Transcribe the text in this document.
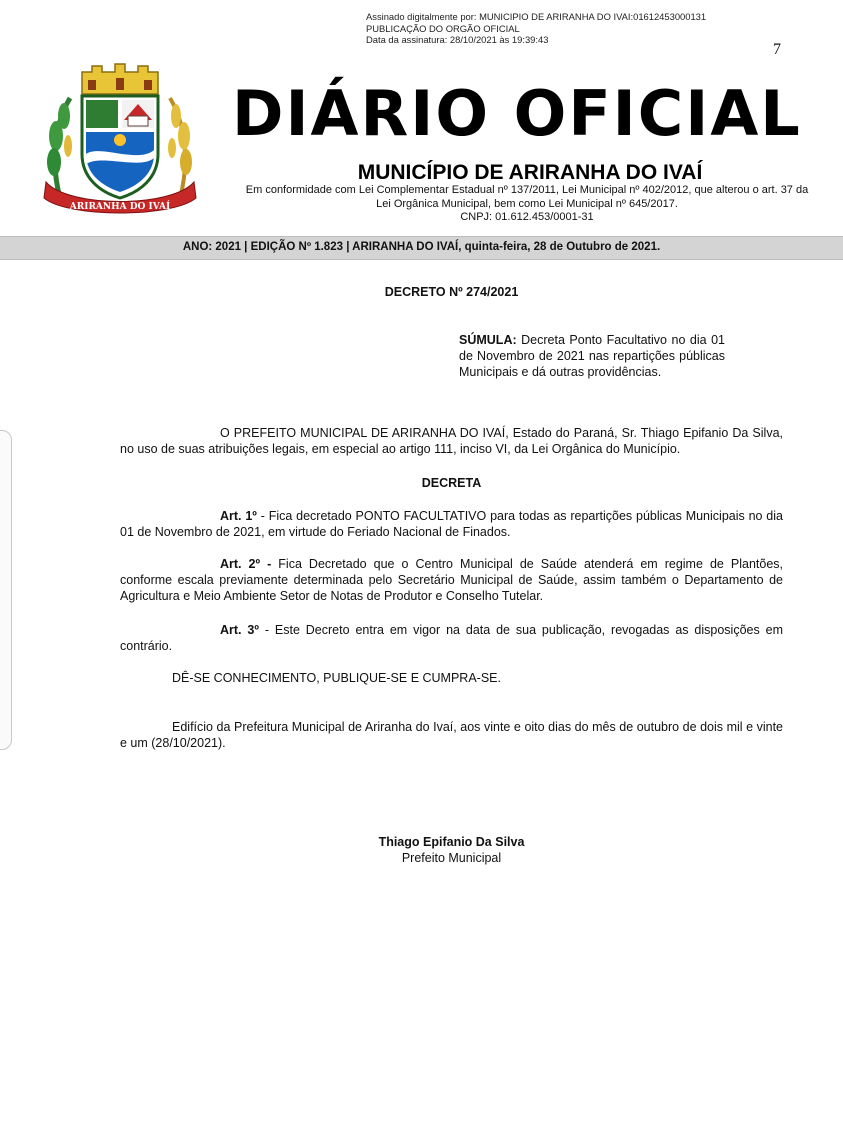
Assinado digitalmente por: MUNICIPIO DE ARIRANHA DO IVAI:01612453000131
PUBLICAÇÃO DO ORGÃO OFICIAL
Data da assinatura: 28/10/2021 às 19:39:43
7
ARIRANHA DO IVAÍ
DIÁRIO OFICIAL
MUNICÍPIO DE ARIRANHA DO IVAÍ
Em conformidade com Lei Complementar Estadual nº 137/2011, Lei Municipal nº 402/2012, que alterou o art. 37 da
Lei Orgânica Municipal, bem como Lei Municipal nº 645/2017.
CNPJ: 01.612.453/0001-31
ANO: 2021 | EDIÇÃO Nº 1.823 | ARIRANHA DO IVAÍ, quinta-feira, 28 de Outubro de 2021.
DECRETO Nº 274/2021
SÚMULA: Decreta Ponto Facultativo no dia 01 de Novembro de 2021 nas repartições públicas Municipais e dá outras providências.
O PREFEITO MUNICIPAL DE ARIRANHA DO IVAÍ, Estado do Paraná, Sr. Thiago Epifanio Da Silva, no uso de suas atribuições legais, em especial ao artigo 111, inciso VI, da Lei Orgânica do Município.
DECRETA
Art. 1º - Fica decretado PONTO FACULTATIVO para todas as repartições públicas Municipais no dia 01 de Novembro de 2021, em virtude do Feriado Nacional de Finados.
Art. 2º - Fica Decretado que o Centro Municipal de Saúde atenderá em regime de Plantões, conforme escala previamente determinada pelo Secretário Municipal de Saúde, assim também o Departamento de Agricultura e Meio Ambiente Setor de Notas de Produtor e Conselho Tutelar.
Art. 3º - Este Decreto entra em vigor na data de sua publicação, revogadas as disposições em contrário.
DÊ-SE CONHECIMENTO, PUBLIQUE-SE E CUMPRA-SE.
Edifício da Prefeitura Municipal de Ariranha do Ivaí, aos vinte e oito dias do mês de outubro de dois mil e vinte e um (28/10/2021).
Thiago Epifanio Da Silva
Prefeito Municipal
